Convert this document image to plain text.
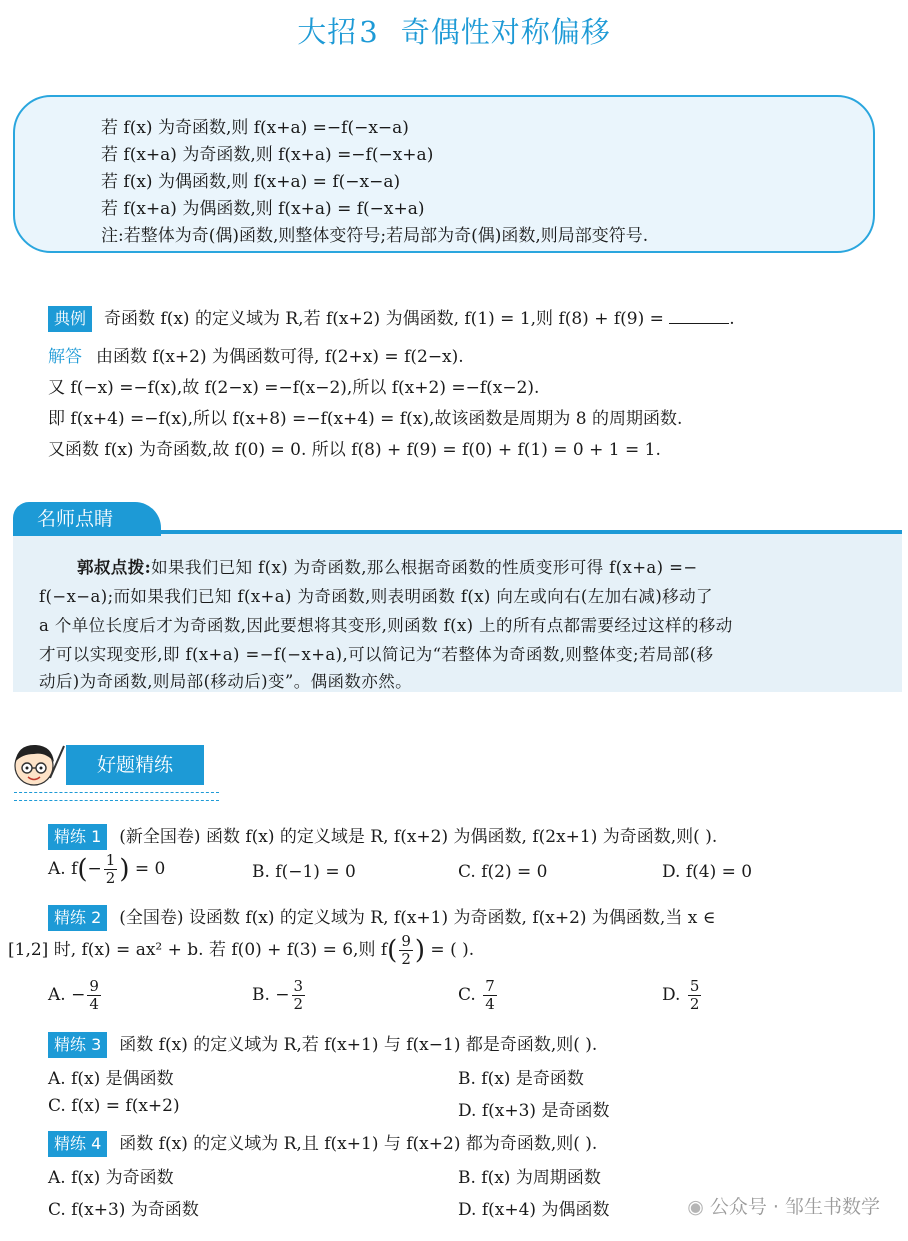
大招3 奇偶性对称偏移
若 f(x) 为奇函数,则 f(x+a) =−f(−x−a)
若 f(x+a) 为奇函数,则 f(x+a) =−f(−x+a)
若 f(x) 为偶函数,则 f(x+a) = f(−x−a)
若 f(x+a) 为偶函数,则 f(x+a) = f(−x+a)
注:若整体为奇(偶)函数,则整体变符号;若局部为奇(偶)函数,则局部变符号.
典例 奇函数 f(x) 的定义域为 R,若 f(x+2) 为偶函数, f(1) = 1,则 f(8) + f(9) =	.
解答 由函数 f(x+2) 为偶函数可得, f(2+x) = f(2−x).
又 f(−x) =−f(x),故 f(2−x) =−f(x−2),所以 f(x+2) =−f(x−2).
即 f(x+4) =−f(x),所以 f(x+8) =−f(x+4) = f(x),故该函数是周期为 8 的周期函数.
又函数 f(x) 为奇函数,故 f(0) = 0. 所以 f(8) + f(9) = f(0) + f(1) = 0 + 1 = 1.
郭叔点拨:如果我们已知 f(x) 为奇函数,那么根据奇函数的性质变形可得 f(x+a) =−
f(−x−a);而如果我们已知 f(x+a) 为奇函数,则表明函数 f(x) 向左或向右(左加右减)移动了
a 个单位长度后才为奇函数,因此要想将其变形,则函数 f(x) 上的所有点都需要经过这样的移动
才可以实现变形,即 f(x+a) =−f(−x+a),可以简记为“若整体为奇函数,则整体变;若局部(移
动后)为奇函数,则局部(移动后)变”。偶函数亦然。
名师点睛
好题精练
精练 1 (新全国卷) 函数 f(x) 的定义域是 R, f(x+2) 为偶函数, f(2x+1) 为奇函数,则( ).
A. $f(- \frac{1}{2}$ ) = 0	B. f(−1) = 0	C. f(2) = 0	D. f(4) = 0
精练 2 (全国卷) 设函数 f(x) 的定义域为 R, f(x+1) 为奇函数, f(x+2) 为偶函数,当 x ∈
[1,2] 时, f(x) = ax² + b. 若 f(0) + f(3) = 6,则 $f( \frac{9}{2}$ ) = ( ).
A. − $\frac{9}{4}$	B. − $\frac{3}{2}$	C. $\frac{7}{4}$	D. $\frac{5}{2}$
精练 3 函数 f(x) 的定义域为 R,若 f(x+1) 与 f(x−1) 都是奇函数,则( ).
A. f(x) 是偶函数	B. f(x) 是奇函数
C. f(x) = f(x+2)	D. f(x+3) 是奇函数
精练 4 函数 f(x) 的定义域为 R,且 f(x+1) 与 f(x+2) 都为奇函数,则( ).
A. f(x) 为奇函数	B. f(x) 为周期函数
C. f(x+3) 为奇函数	D. f(x+4) 为偶函数	◉ 公众号 · 邹生书数学
